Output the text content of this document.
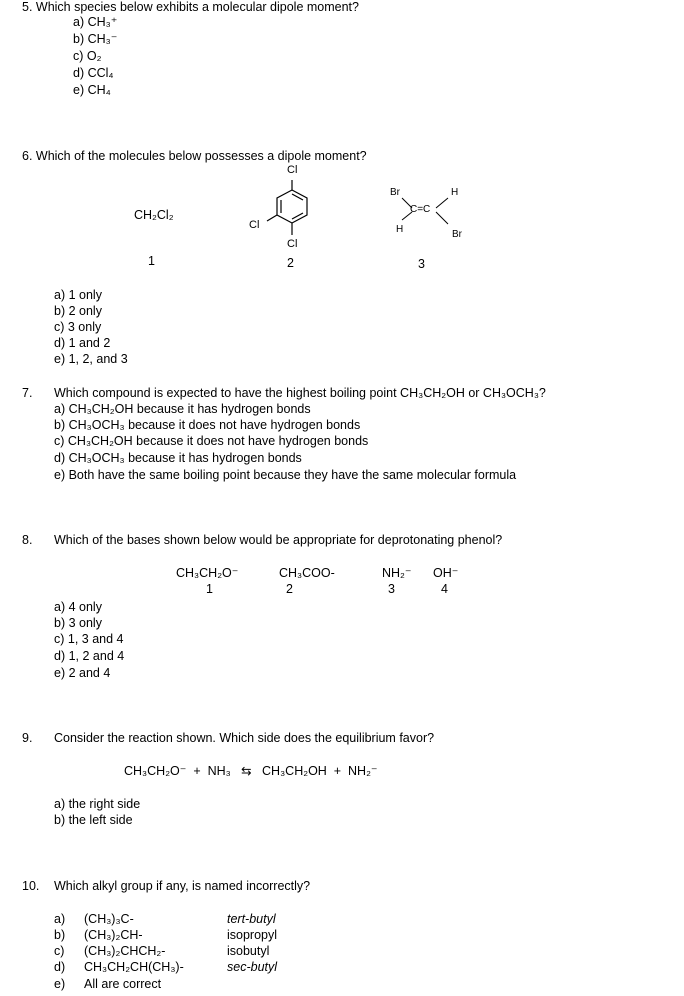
5. Which species below exhibits a molecular dipole moment?
a) CH₃⁺
b) CH₃⁻
c) O₂
d) CCl₄
e) CH₄
6. Which of the molecules below possesses a dipole moment?
CH₂Cl₂
1
Cl
Cl
Cl
2
Br	H
C=C
H	Br
3
a) 1 only
b) 2 only
c) 3 only
d) 1 and 2
e) 1, 2, and 3
7. Which compound is expected to have the highest boiling point CH₃CH₂OH or CH₃OCH₃?
a) CH₃CH₂OH because it has hydrogen bonds
b) CH₃OCH₃ because it does not have hydrogen bonds
c) CH₃CH₂OH because it does not have hydrogen bonds
d) CH₃OCH₃ because it has hydrogen bonds
e) Both have the same boiling point because they have the same molecular formula
8. Which of the bases shown below would be appropriate for deprotonating phenol?
CH₃CH₂O⁻
1
CH₃COO-
2
NH₂⁻
3
OH⁻
4
a) 4 only
b) 3 only
c) 1, 3 and 4
d) 1, 2 and 4
e) 2 and 4
9. Consider the reaction shown. Which side does the equilibrium favor?
CH₃CH₂O⁻  +  NH₃   ⇆   CH₃CH₂OH  +  NH₂⁻
a) the right side
b) the left side
10. Which alkyl group if any, is named incorrectly?
a) (CH₃)₃C-	tert-butyl
b) (CH₃)₂CH-	isopropyl
c) (CH₃)₂CHCH₂-	isobutyl
d) CH₃CH₂CH(CH₃)-	sec-butyl
e) All are correct
